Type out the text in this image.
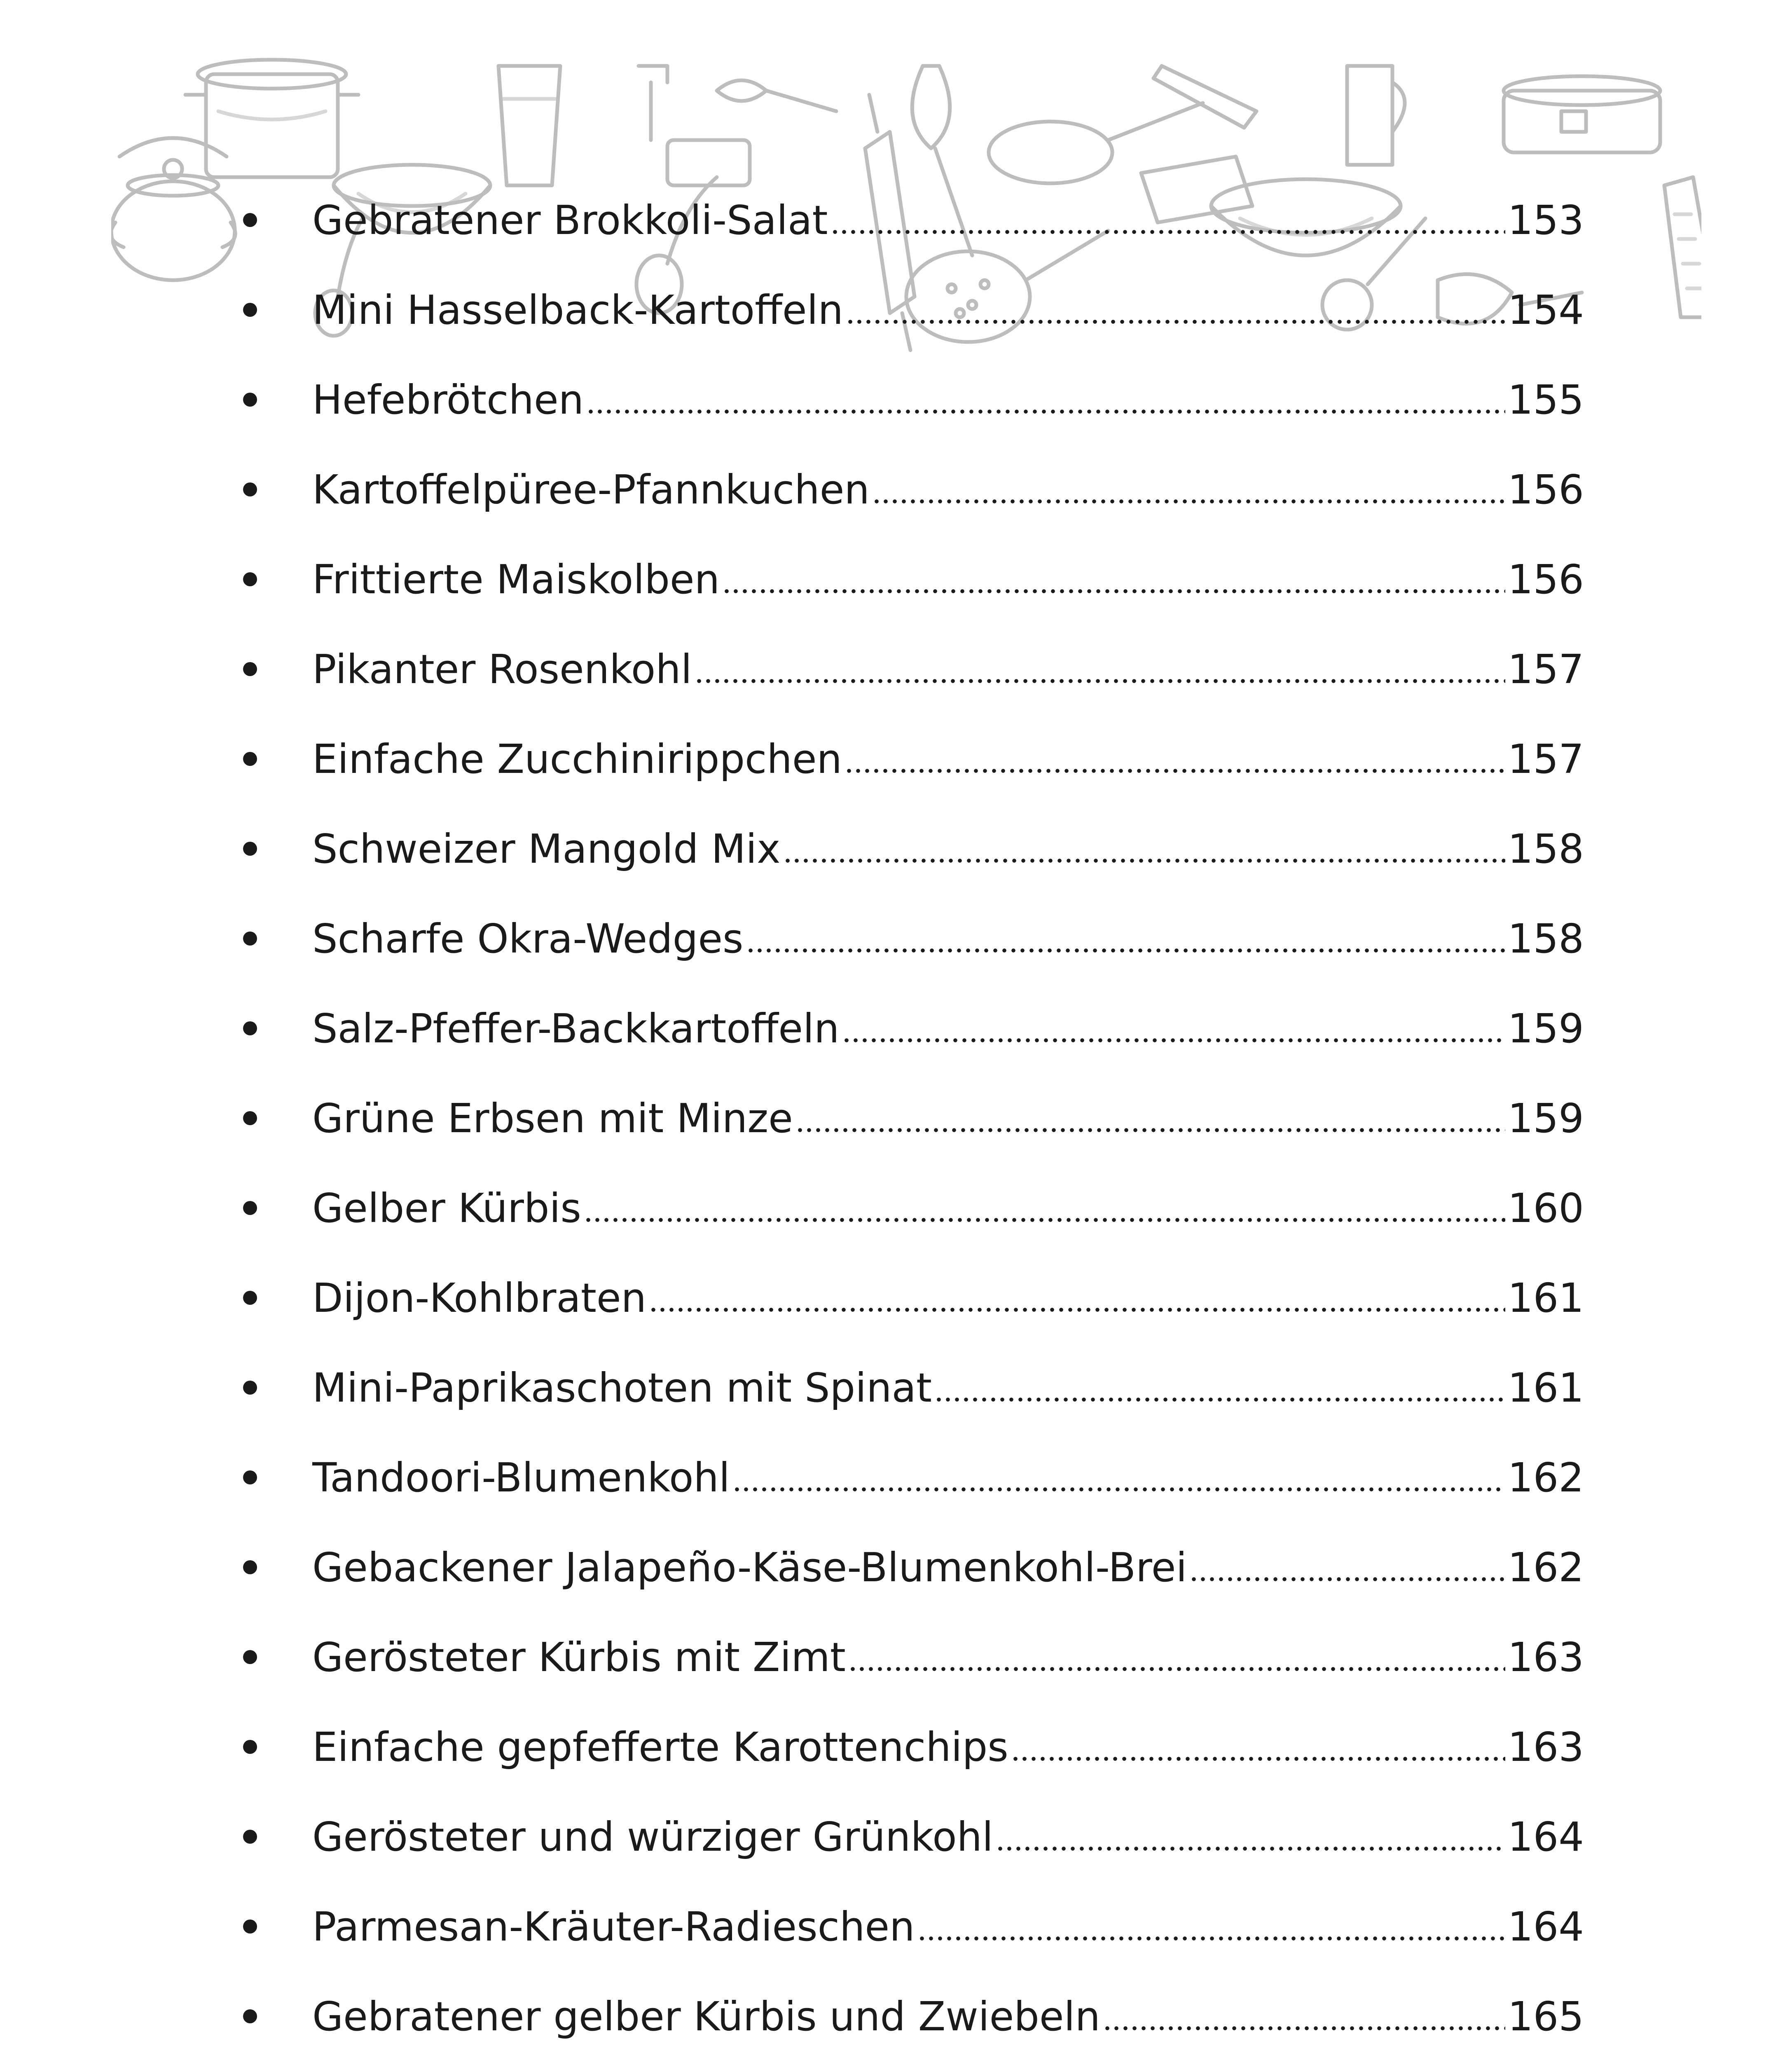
Gebratener Brokkoli-Salat	153
Mini Hasselback-Kartoffeln	154
Hefebrötchen	155
Kartoffelpüree-Pfannkuchen	156
Frittierte Maiskolben	156
Pikanter Rosenkohl	157
Einfache Zucchinirippchen	157
Schweizer Mangold Mix	158
Scharfe Okra-Wedges	158
Salz-Pfeffer-Backkartoffeln	159
Grüne Erbsen mit Minze	159
Gelber Kürbis	160
Dijon-Kohlbraten	161
Mini-Paprikaschoten mit Spinat	161
Tandoori-Blumenkohl	162
Gebackener Jalapeño-Käse-Blumenkohl-Brei	162
Gerösteter Kürbis mit Zimt	163
Einfache gepfefferte Karottenchips	163
Gerösteter und würziger Grünkohl	164
Parmesan-Kräuter-Radieschen	164
Gebratener gelber Kürbis und Zwiebeln	165
